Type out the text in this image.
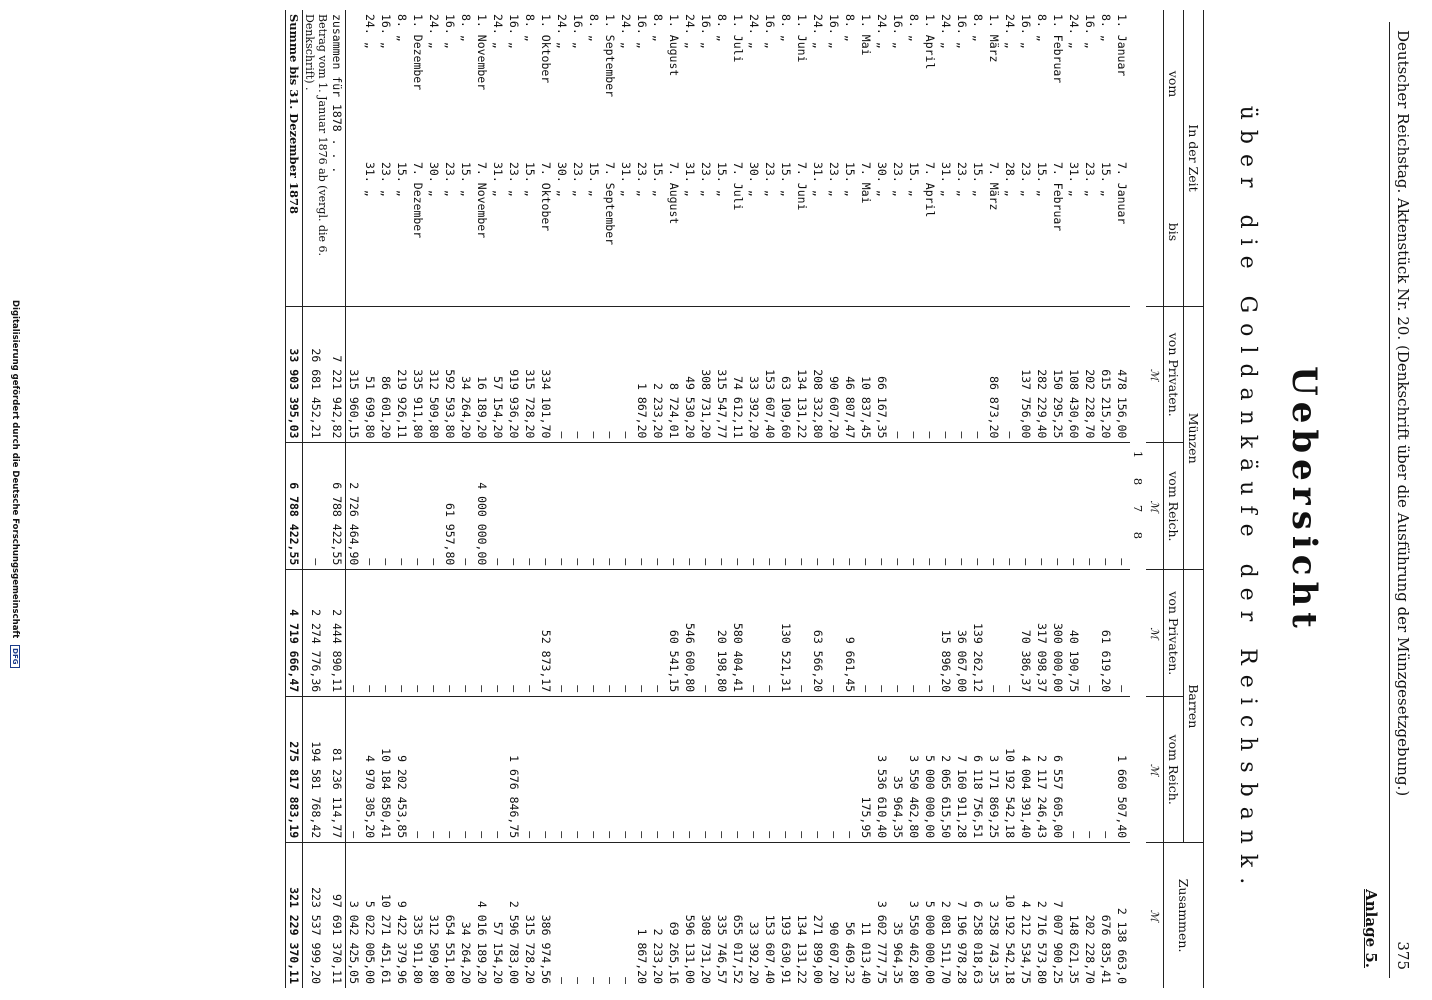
Deutscher Reichstag. Aktenstück Nr. 20. (Denkschrift über die Ausführung der Münzgesetzgebung.)
375
Anlage 5.
Uebersicht
über die Goldankäufe der Reichsbank.
In der Zeit		Münzen		Barren		Zusammen.
vom	bis	von Privaten.	vom Reich.	von Privaten.	vom Reich.	
		ℳ	ℳ	ℳ	ℳ	ℳ
1 8 7 8						
1. Januar	7. Januar	478 156,00	—	—	1 660 507,40	2 138 663,0
8. „	15. „	615 215,20	—	61 619,20	—	676 835,41
16. „	23. „	202 228,70	—	—	—	202 228,70
24. „	31. „	108 430,60	—	40 190,75	—	148 621,35
1. Februar	7. Februar	150 295,25	—	300 000,00	6 557 605,00	7 007 900,25
8. „	15. „	282 229,40	—	317 098,37	2 117 246,43	2 716 573,80
16. „	23. „	137 756,00	—	70 386,37	4 004 391,40	4 212 534,75
24. „	28. „	—	—	—	10 192 542,18	10 192 542,18
1. März	7. März	86 873,20	—	—	3 171 869,25	3 258 743,35
8. „	15. „	—	—	139 262,12	6 118 756,51	6 258 018,63
16. „	23. „	—	—	36 067,00	7 160 911,28	7 196 978,28
24. „	31. „	—	—	15 896,20	2 065 615,50	2 081 511,70
1. April	7. April	—	—	—	5 000 000,00	5 000 000,00
8. „	15. „	—	—	—	3 550 462,80	3 550 462,80
16. „	23. „	—	—	—	35 964,35	35 964,35
24. „	30. „	66 167,35	—	—	3 536 610,40	3 602 777,75
1. Mai	7. Mai	10 837,45	—	—	175,95	11 013,40
8. „	15. „	46 807,47	—	9 661,45	—	56 469,32
16. „	23. „	90 607,20	—	—	—	90 607,20
24. „	31. „	208 332,80	—	63 566,20	—	271 899,00
1. Juni	7. Juni	134 131,22	—	—	—	134 131,22
8. „	15. „	63 109,60	—	130 521,31	—	193 630,91
16. „	23. „	153 607,40	—	—	—	153 607,40
24. „	30. „	33 392,20	—	—	—	33 392,20
1. Juli	7. Juli	74 612,11	—	580 404,41	—	655 017,52
8. „	15. „	315 547,77	—	20 198,80	—	335 746,57
16. „	23. „	308 731,20	—	—	—	308 731,20
24. „	31. „	49 530,20	—	546 600,80	—	596 131,00
1. August	7. August	8 724,01	—	60 541,15	—	69 265,16
8. „	15. „	2 233,20	—	—	—	2 233,20
16. „	23. „	1 867,20	—	—	—	1 867,20
24. „	31. „	—	—	—	—	—
1. September	7. September	—	—	—	—	—
8. „	15. „	—	—	—	—	—
16. „	23. „	—	—	—	—	—
24. „	30. „	—	—	—	—	—
1. Oktober	7. Oktober	334 101,70	—	52 873,17	—	386 974,56
8. „	15. „	315 728,20	—	—	—	315 728,20
16. „	23. „	919 936,20	—	—	1 676 846,75	2 596 783,00
24. „	31. „	57 154,20	—	—	—	57 154,20
1. November	7. November	16 189,20	4 000 000,00	—	—	4 016 189,20
8. „	15. „	34 264,20	—	—	—	34 264,20
16. „	23. „	592 593,80	61 957,80	—	—	654 551,80
24. „	30. „	312 509,80	—	—	—	312 509,80
1. Dezember	7. Dezember	335 911,80	—	—	—	335 911,80
8. „	15. „	219 926,11	—	—	9 202 453,85	9 422 379,96
16. „	23. „	86 601,20	—	—	10 184 850,41	10 271 451,61
24. „	31. „	51 699,80	—	—	4 970 305,20	5 022 005,00
		315 960,15	2 726 464,90	—	—	3 042 425,05
zusammen für 1878 . . .		7 221 942,82	6 788 422,55	2 444 890,11	81 236 114,77	97 691 370,11
Betrag vom 1. Januar 1876 ab (vergl. die 6. Denkschrift) .		26 681 452,21	—	2 274 776,36	194 581 768,42	223 537 999,20
Summe bis 31. Dezember 1878		33 903 395,03	6 788 422,55	4 719 666,47	275 817 883,19	321 229 370,11
Digitalisierung gefördert durch die Deutsche Forschungsgemeinschaft DFG
